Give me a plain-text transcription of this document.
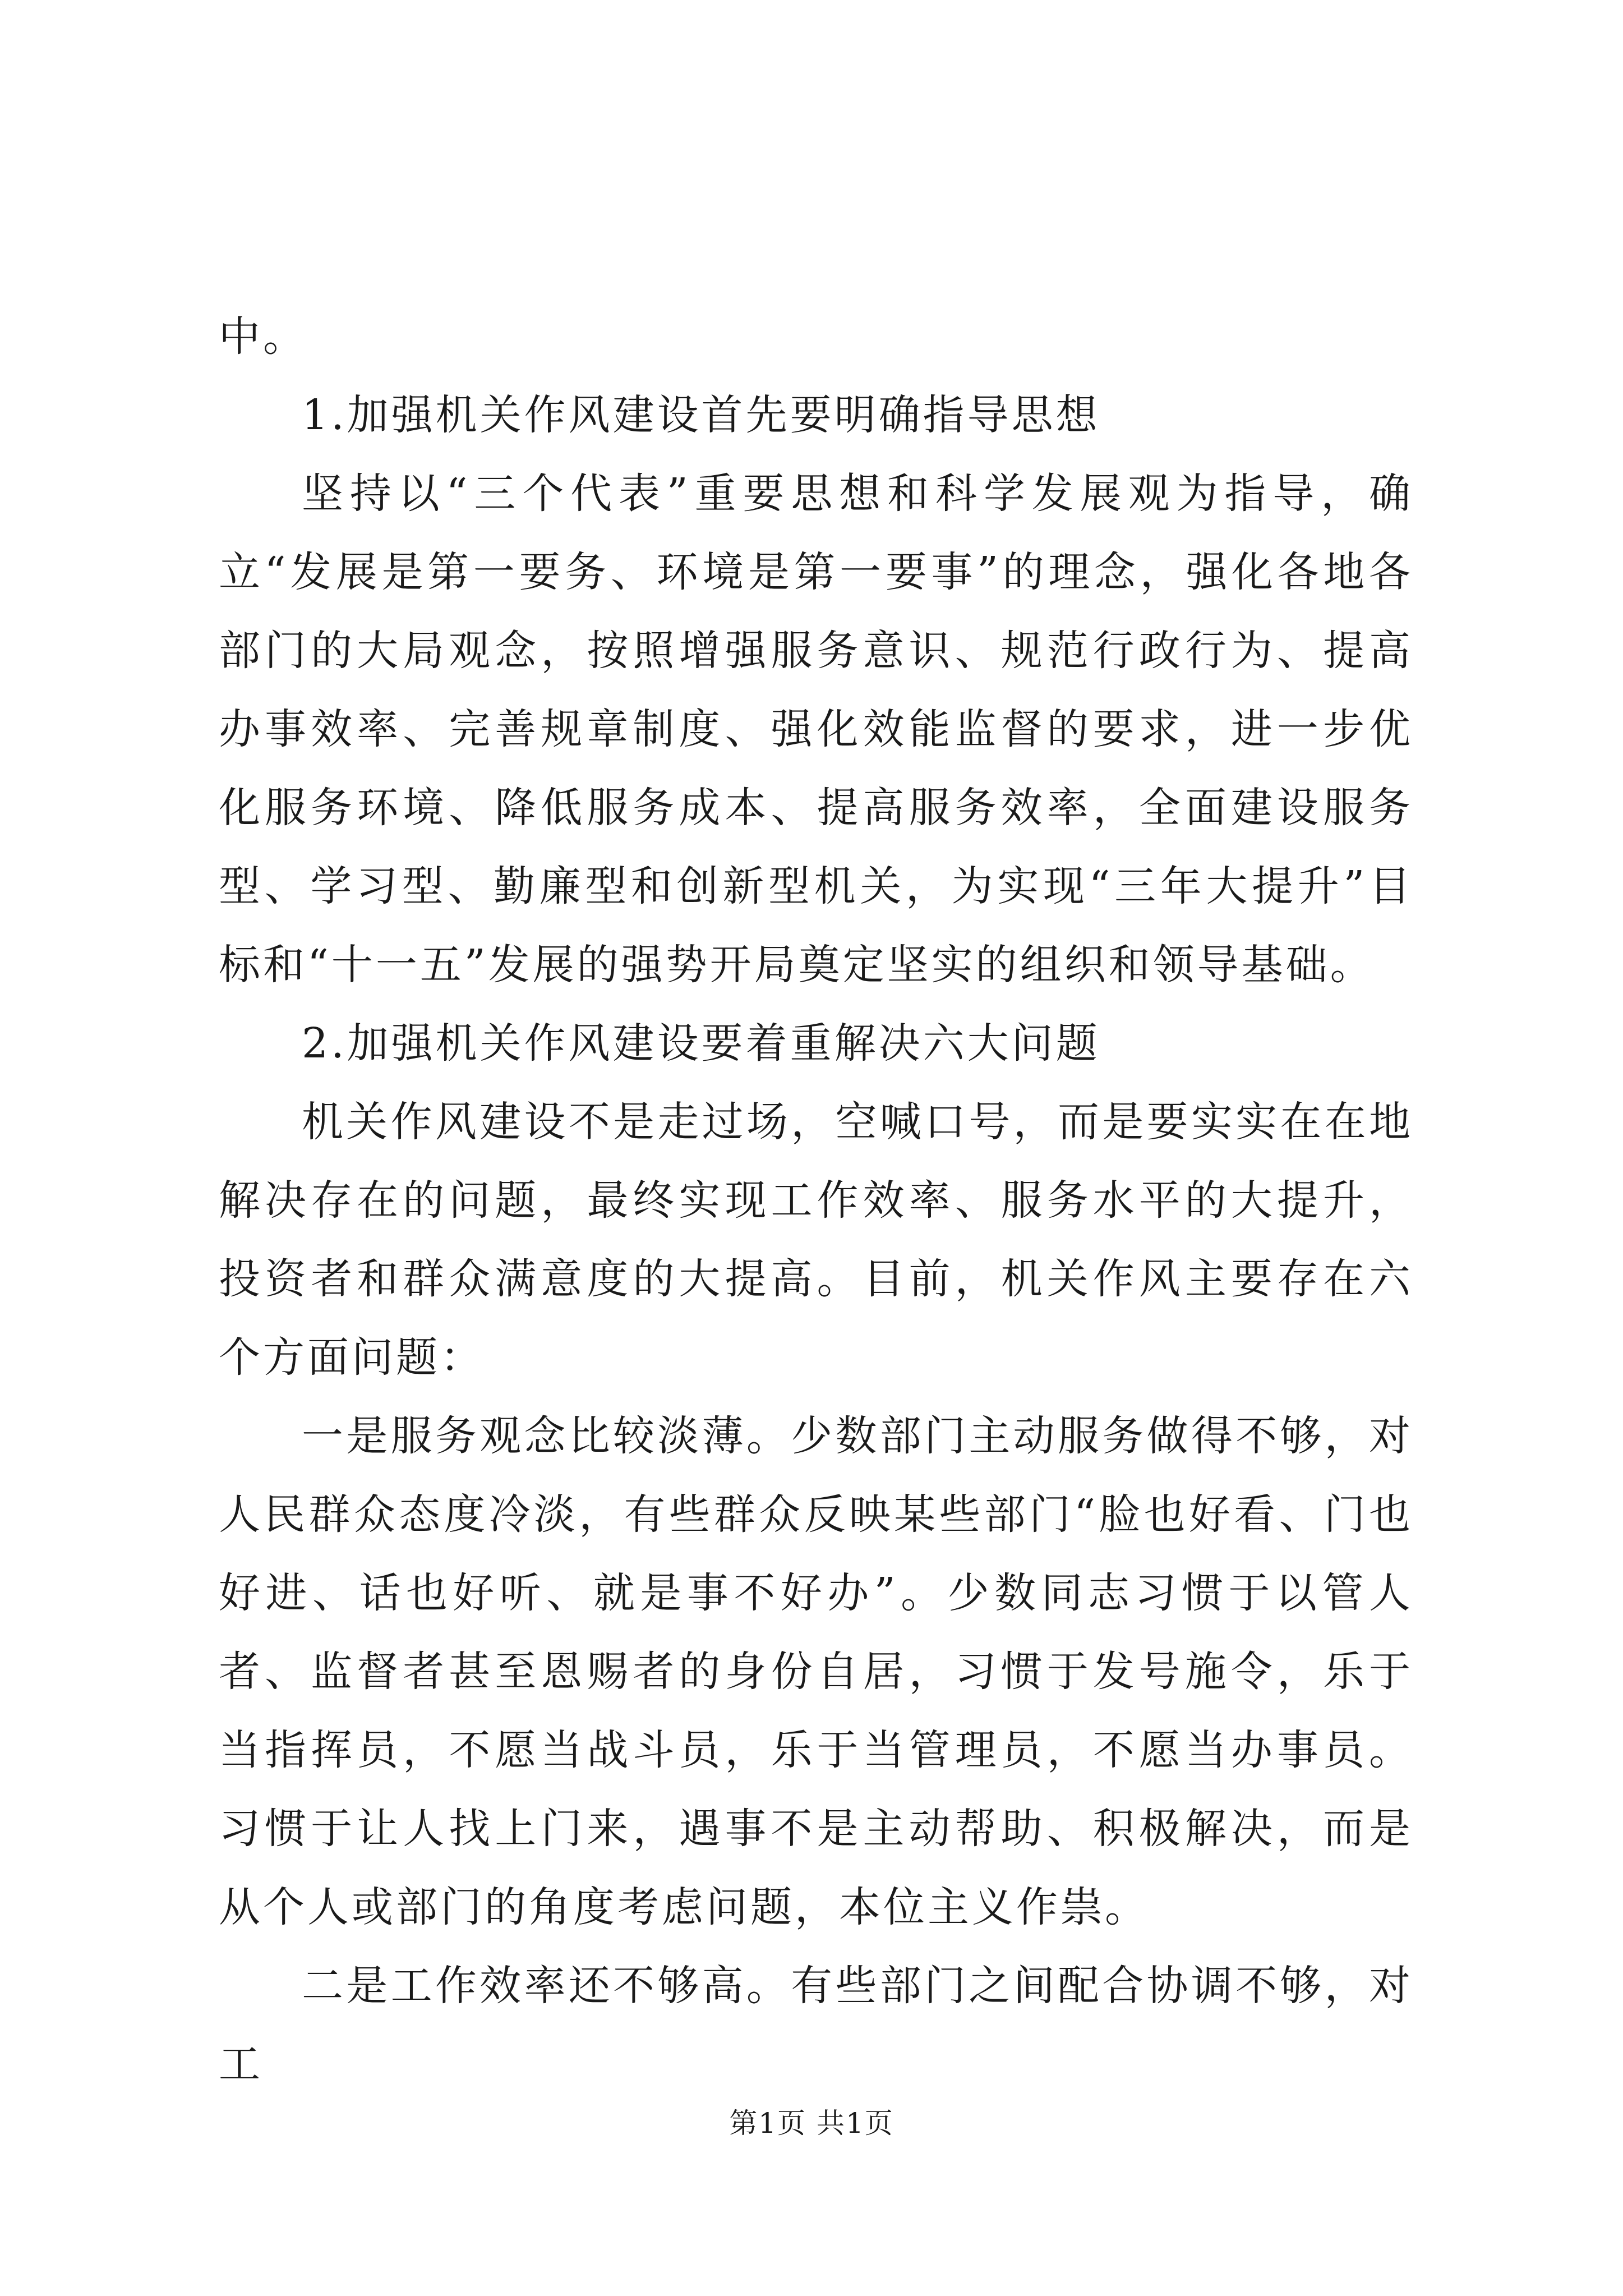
中。

1.加强机关作风建设首先要明确指导思想

坚持以“三个代表”重要思想和科学发展观为指导，确立“发展是第一要务、环境是第一要事”的理念，强化各地各部门的大局观念，按照增强服务意识、规范行政行为、提高办事效率、完善规章制度、强化效能监督的要求，进一步优化服务环境、降低服务成本、提高服务效率，全面建设服务型、学习型、勤廉型和创新型机关，为实现“三年大提升”目标和“十一五”发展的强势开局奠定坚实的组织和领导基础。

2.加强机关作风建设要着重解决六大问题

机关作风建设不是走过场，空喊口号，而是要实实在在地解决存在的问题，最终实现工作效率、服务水平的大提升，投资者和群众满意度的大提高。目前，机关作风主要存在六个方面问题：

一是服务观念比较淡薄。少数部门主动服务做得不够，对人民群众态度冷淡，有些群众反映某些部门“脸也好看、门也好进、话也好听、就是事不好办”。少数同志习惯于以管人者、监督者甚至恩赐者的身份自居，习惯于发号施令，乐于当指挥员，不愿当战斗员，乐于当管理员，不愿当办事员。习惯于让人找上门来，遇事不是主动帮助、积极解决，而是从个人或部门的角度考虑问题，本位主义作祟。

二是工作效率还不够高。有些部门之间配合协调不够，对工

第1页 共1页
